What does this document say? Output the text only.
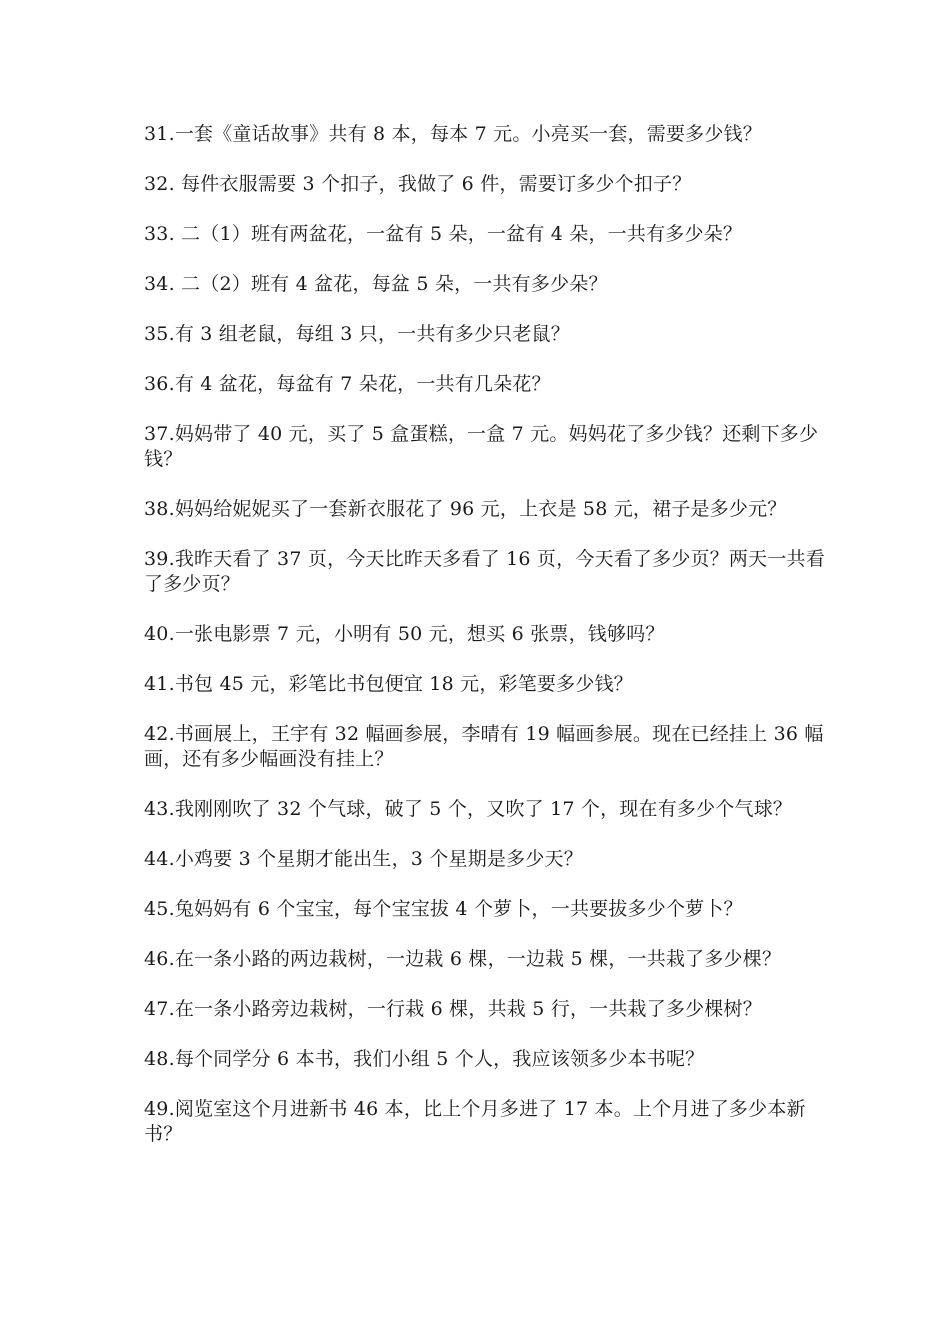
31.一套《童话故事》共有 8 本，每本 7 元。小亮买一套，需要多少钱？
32. 每件衣服需要 3 个扣子，我做了 6 件，需要订多少个扣子？
33. 二（1）班有两盆花，一盆有 5 朵，一盆有 4 朵，一共有多少朵？
34. 二（2）班有 4 盆花，每盆 5 朵，一共有多少朵？
35.有 3 组老鼠，每组 3 只，一共有多少只老鼠？
36.有 4 盆花，每盆有 7 朵花，一共有几朵花？
37.妈妈带了 40 元，买了 5 盒蛋糕，一盒 7 元。妈妈花了多少钱？还剩下多少钱？
38.妈妈给妮妮买了一套新衣服花了 96 元，上衣是 58 元，裙子是多少元？
39.我昨天看了 37 页，今天比昨天多看了 16 页，今天看了多少页？两天一共看了多少页？
40.一张电影票 7 元，小明有 50 元，想买 6 张票，钱够吗？
41.书包 45 元，彩笔比书包便宜 18 元，彩笔要多少钱？
42.书画展上，王宇有 32 幅画参展，李晴有 19 幅画参展。现在已经挂上 36 幅画，还有多少幅画没有挂上？
43.我刚刚吹了 32 个气球，破了 5 个，又吹了 17 个，现在有多少个气球？
44.小鸡要 3 个星期才能出生，3 个星期是多少天？
45.兔妈妈有 6 个宝宝，每个宝宝拔 4 个萝卜，一共要拔多少个萝卜？
46.在一条小路的两边栽树，一边栽 6 棵，一边栽 5 棵，一共栽了多少棵？
47.在一条小路旁边栽树，一行栽 6 棵，共栽 5 行，一共栽了多少棵树？
48.每个同学分 6 本书，我们小组 5 个人，我应该领多少本书呢？
49.阅览室这个月进新书 46 本，比上个月多进了 17 本。上个月进了多少本新书？
